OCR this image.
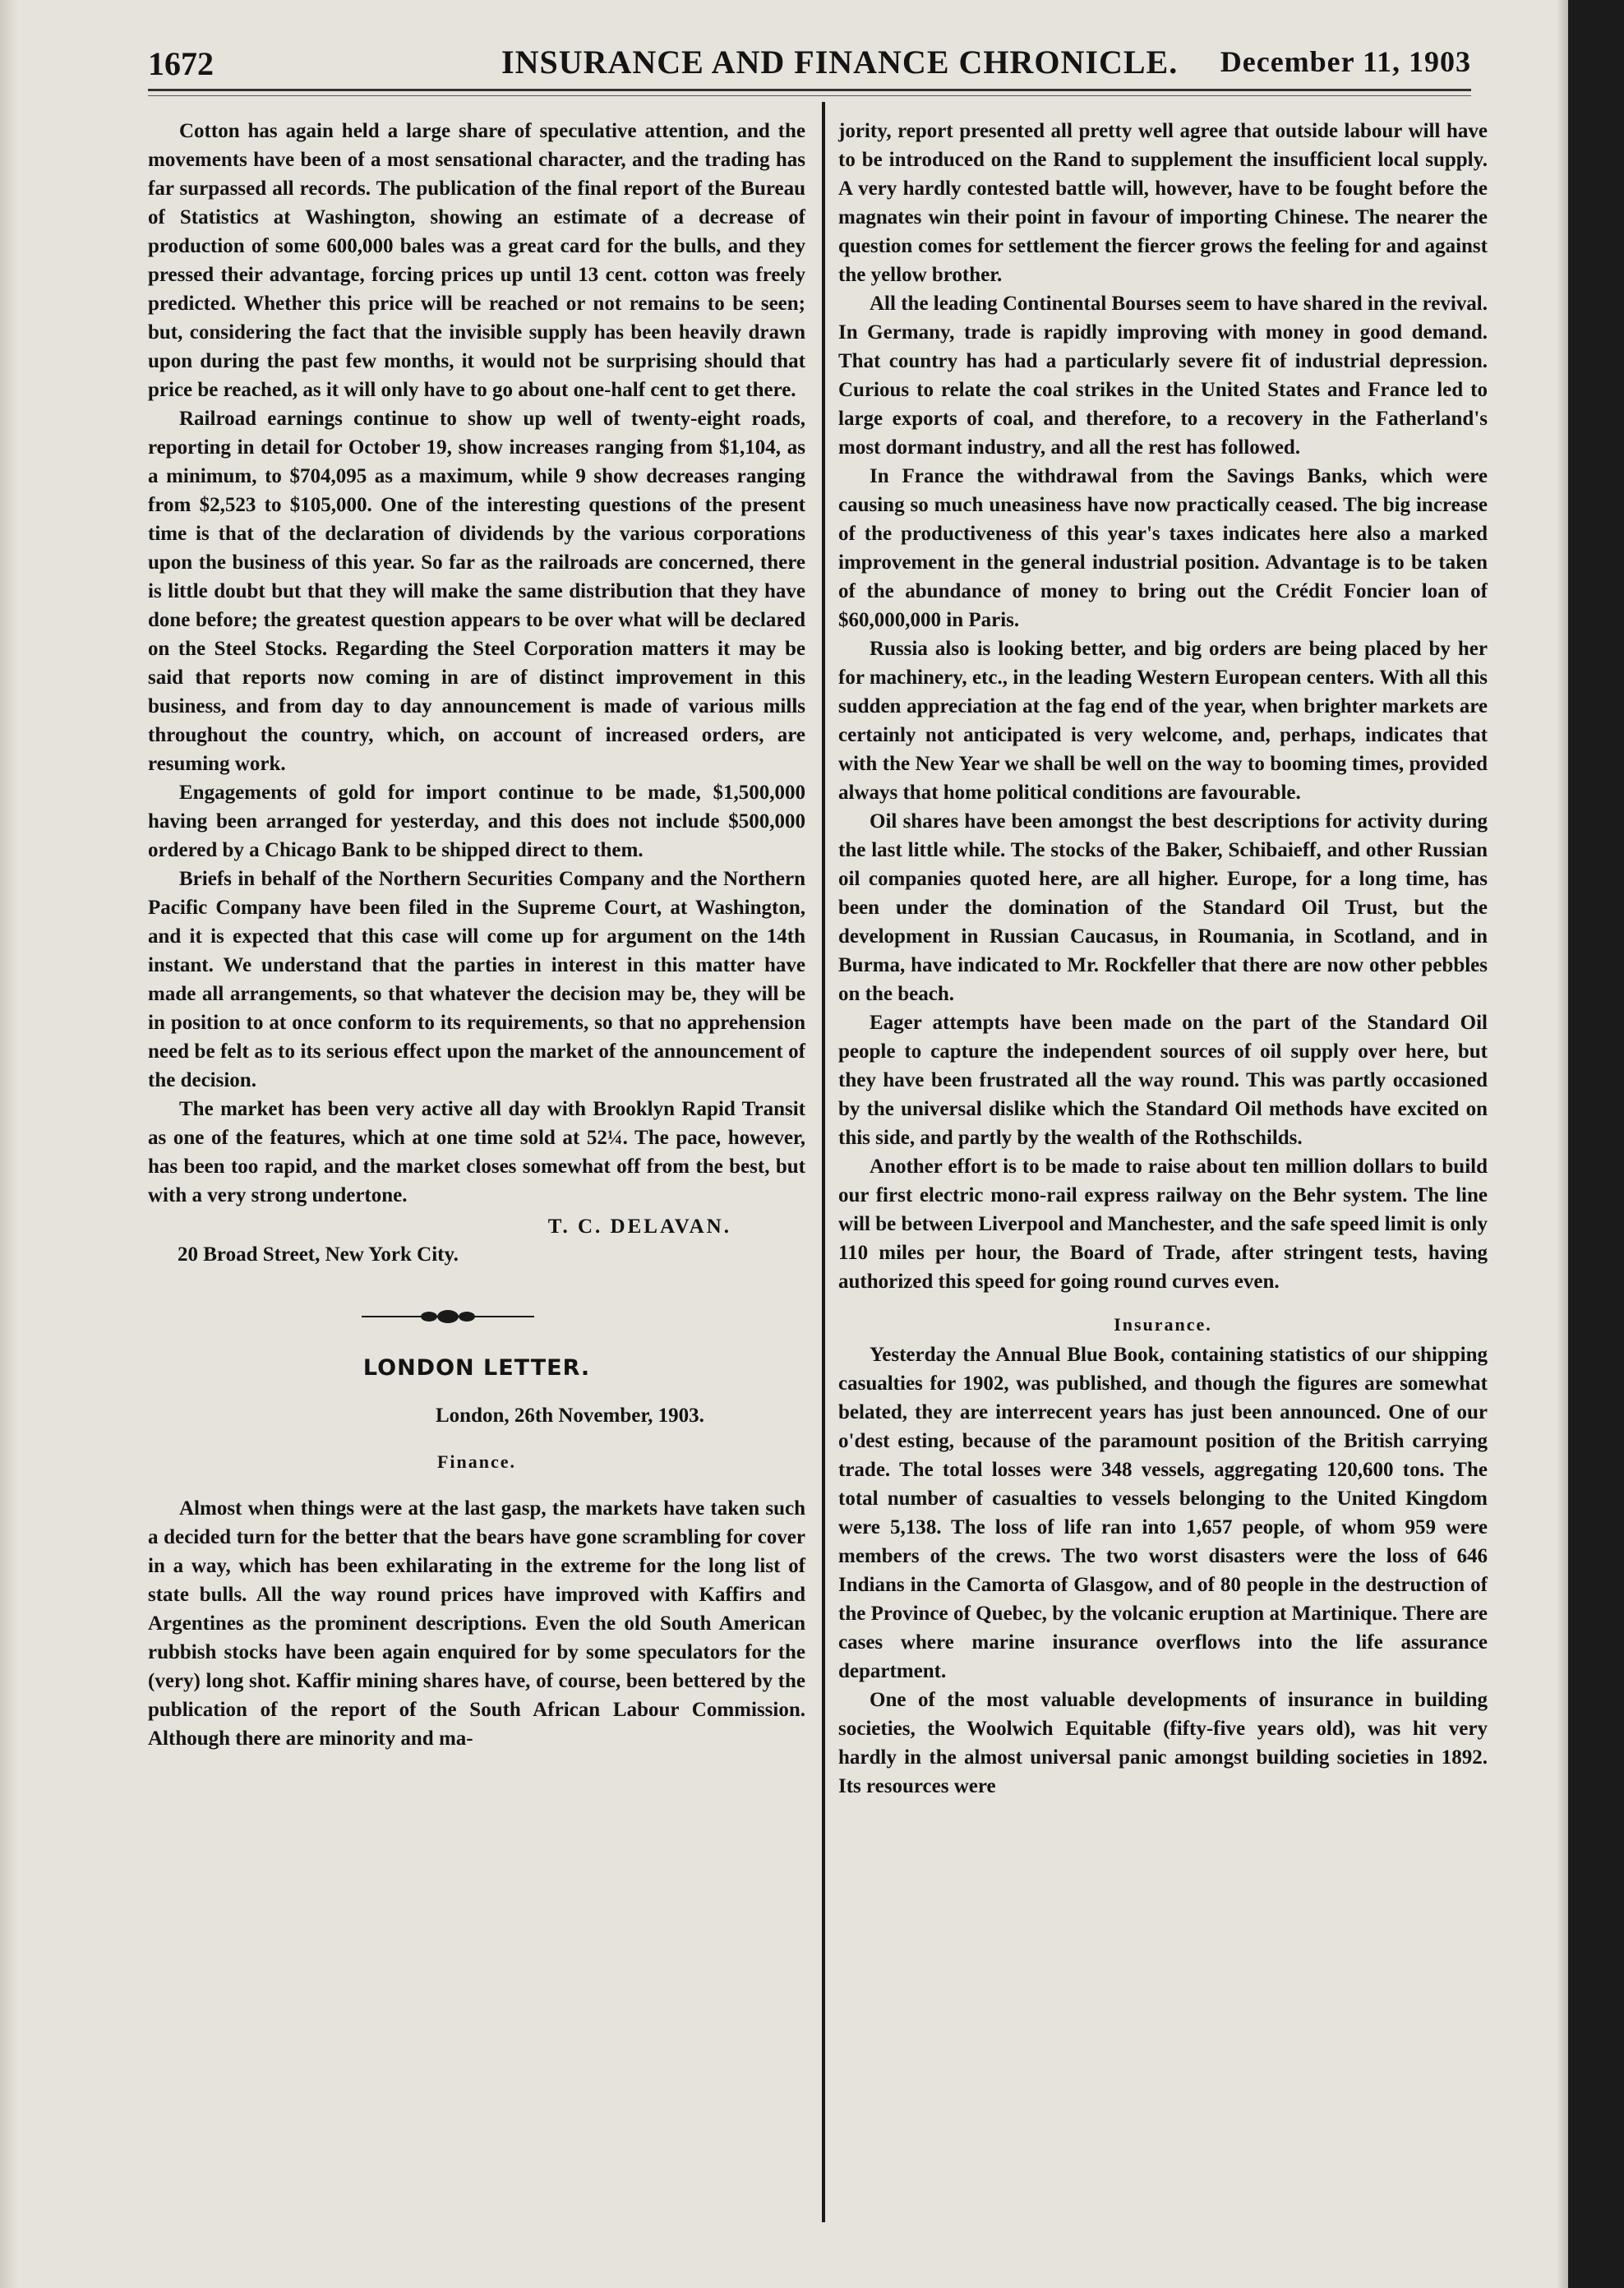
1672	INSURANCE AND FINANCE CHRONICLE. December 11, 1903

Cotton has again held a large share of speculative attention, and the movements have been of a most sensational character, and the trading has far surpassed all records. The publication of the final report of the Bureau of Statistics at Washington, showing an estimate of a decrease of production of some 600,000 bales was a great card for the bulls, and they pressed their advantage, forcing prices up until 13 cent. cotton was freely predicted. Whether this price will be reached or not remains to be seen; but, considering the fact that the invisible supply has been heavily drawn upon during the past few months, it would not be surprising should that price be reached, as it will only have to go about one-half cent to get there.

Railroad earnings continue to show up well of twenty-eight roads, reporting in detail for October 19, show increases ranging from $1,104, as a minimum, to $704,095 as a maximum, while 9 show decreases ranging from $2,523 to $105,000. One of the interesting questions of the present time is that of the declaration of dividends by the various corporations upon the business of this year. So far as the railroads are concerned, there is little doubt but that they will make the same distribution that they have done before; the greatest question appears to be over what will be declared on the Steel Stocks. Regarding the Steel Corporation matters it may be said that reports now coming in are of distinct improvement in this business, and from day to day announcement is made of various mills throughout the country, which, on account of increased orders, are resuming work.

Engagements of gold for import continue to be made, $1,500,000 having been arranged for yesterday, and this does not include $500,000 ordered by a Chicago Bank to be shipped direct to them.

Briefs in behalf of the Northern Securities Company and the Northern Pacific Company have been filed in the Supreme Court, at Washington, and it is expected that this case will come up for argument on the 14th instant. We understand that the parties in interest in this matter have made all arrangements, so that whatever the decision may be, they will be in position to at once conform to its requirements, so that no apprehension need be felt as to its serious effect upon the market of the announcement of the decision.

The market has been very active all day with Brooklyn Rapid Transit as one of the features, which at one time sold at 52¼. The pace, however, has been too rapid, and the market closes somewhat off from the best, but with a very strong undertone.

T. C. DELAVAN.
20 Broad Street, New York City.
LONDON LETTER.
London, 26th November, 1903.
Finance.

Almost when things were at the last gasp, the markets have taken such a decided turn for the better that the bears have gone scrambling for cover in a way, which has been exhilarating in the extreme for the long list of state bulls. All the way round prices have improved with Kaffirs and Argentines as the prominent descriptions. Even the old South American rubbish stocks have been again enquired for by some speculators for the (very) long shot. Kaffir mining shares have, of course, been bettered by the publication of the report of the South African Labour Commission. Although there are minority and ma-

jority, report presented all pretty well agree that outside labour will have to be introduced on the Rand to supplement the insufficient local supply. A very hardly contested battle will, however, have to be fought before the magnates win their point in favour of importing Chinese. The nearer the question comes for settlement the fiercer grows the feeling for and against the yellow brother.

All the leading Continental Bourses seem to have shared in the revival. In Germany, trade is rapidly improving with money in good demand. That country has had a particularly severe fit of industrial depression. Curious to relate the coal strikes in the United States and France led to large exports of coal, and therefore, to a recovery in the Fatherland's most dormant industry, and all the rest has followed.

In France the withdrawal from the Savings Banks, which were causing so much uneasiness have now practically ceased. The big increase of the productiveness of this year's taxes indicates here also a marked improvement in the general industrial position. Advantage is to be taken of the abundance of money to bring out the Crédit Foncier loan of $60,000,000 in Paris.

Russia also is looking better, and big orders are being placed by her for machinery, etc., in the leading Western European centers. With all this sudden appreciation at the fag end of the year, when brighter markets are certainly not anticipated is very welcome, and, perhaps, indicates that with the New Year we shall be well on the way to booming times, provided always that home political conditions are favourable.

Oil shares have been amongst the best descriptions for activity during the last little while. The stocks of the Baker, Schibaieff, and other Russian oil companies quoted here, are all higher. Europe, for a long time, has been under the domination of the Standard Oil Trust, but the development in Russian Caucasus, in Roumania, in Scotland, and in Burma, have indicated to Mr. Rockfeller that there are now other pebbles on the beach.

Eager attempts have been made on the part of the Standard Oil people to capture the independent sources of oil supply over here, but they have been frustrated all the way round. This was partly occasioned by the universal dislike which the Standard Oil methods have excited on this side, and partly by the wealth of the Rothschilds.

Another effort is to be made to raise about ten million dollars to build our first electric mono-rail express railway on the Behr system. The line will be between Liverpool and Manchester, and the safe speed limit is only 110 miles per hour, the Board of Trade, after stringent tests, having authorized this speed for going round curves even.

Insurance.

Yesterday the Annual Blue Book, containing statistics of our shipping casualties for 1902, was published, and though the figures are somewhat belated, they are interrecent years has just been announced. One of our o'dest esting, because of the paramount position of the British carrying trade. The total losses were 348 vessels, aggregating 120,600 tons. The total number of casualties to vessels belonging to the United Kingdom were 5,138. The loss of life ran into 1,657 people, of whom 959 were members of the crews. The two worst disasters were the loss of 646 Indians in the Camorta of Glasgow, and of 80 people in the destruction of the Province of Quebec, by the volcanic eruption at Martinique. There are cases where marine insurance overflows into the life assurance department.

One of the most valuable developments of insurance in building societies, the Woolwich Equitable (fifty-five years old), was hit very hardly in the almost universal panic amongst building societies in 1892. Its resources were
